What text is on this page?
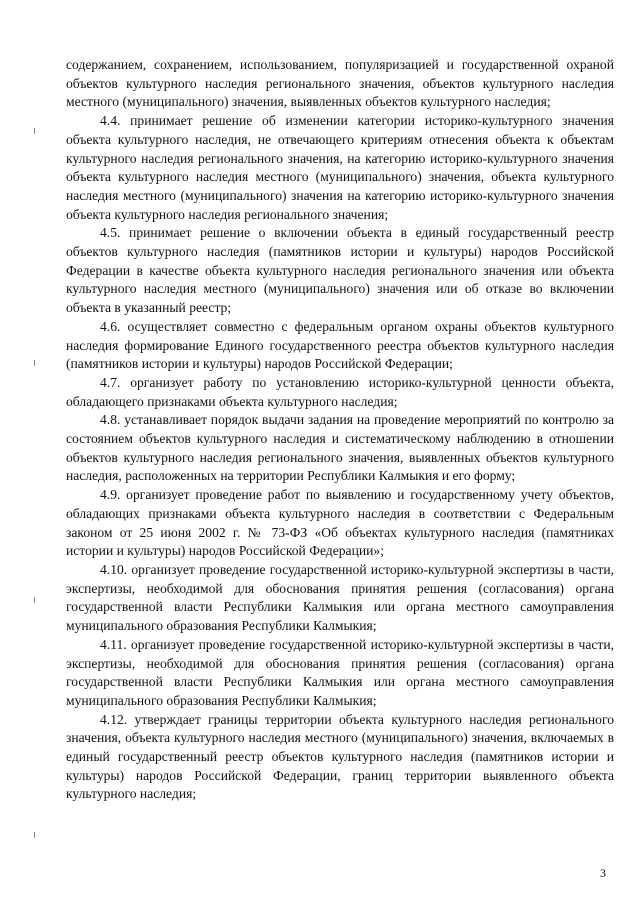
содержанием, сохранением, использованием, популяризацией и государственной охраной объектов культурного наследия регионального значения, объектов культурного наследия местного (муниципального) значения, выявленных объектов культурного наследия;

4.4. принимает решение об изменении категории историко-культурного значения объекта культурного наследия, не отвечающего критериям отнесения объекта к объектам культурного наследия регионального значения, на категорию историко-культурного значения объекта культурного наследия местного (муниципального) значения, объекта культурного наследия местного (муниципального) значения на категорию историко-культурного значения объекта культурного наследия регионального значения;

4.5. принимает решение о включении объекта в единый государственный реестр объектов культурного наследия (памятников истории и культуры) народов Российской Федерации в качестве объекта культурного наследия регионального значения или объекта культурного наследия местного (муниципального) значения или об отказе во включении объекта в указанный реестр;

4.6. осуществляет совместно с федеральным органом охраны объектов культурного наследия формирование Единого государственного реестра объектов культурного наследия (памятников истории и культуры) народов Российской Федерации;

4.7. организует работу по установлению историко-культурной ценности объекта, обладающего признаками объекта культурного наследия;

4.8. устанавливает порядок выдачи задания на проведение мероприятий по контролю за состоянием объектов культурного наследия и систематическому наблюдению в отношении объектов культурного наследия регионального значения, выявленных объектов культурного наследия, расположенных на территории Республики Калмыкия и его форму;

4.9. организует проведение работ по выявлению и государственному учету объектов, обладающих признаками объекта культурного наследия в соответствии с Федеральным законом от 25 июня 2002 г. № 73-ФЗ «Об объектах культурного наследия (памятниках истории и культуры) народов Российской Федерации»;

4.10. организует проведение государственной историко-культурной экспертизы в части, экспертизы, необходимой для обоснования принятия решения (согласования) органа государственной власти Республики Калмыкия или органа местного самоуправления муниципального образования Республики Калмыкия;

4.11. организует проведение государственной историко-культурной экспертизы в части, экспертизы, необходимой для обоснования принятия решения (согласования) органа государственной власти Республики Калмыкия или органа местного самоуправления муниципального образования Республики Калмыкия;

4.12. утверждает границы территории объекта культурного наследия регионального значения, объекта культурного наследия местного (муниципального) значения, включаемых в единый государственный реестр объектов культурного наследия (памятников истории и культуры) народов Российской Федерации, границ территории выявленного объекта культурного наследия;

3
